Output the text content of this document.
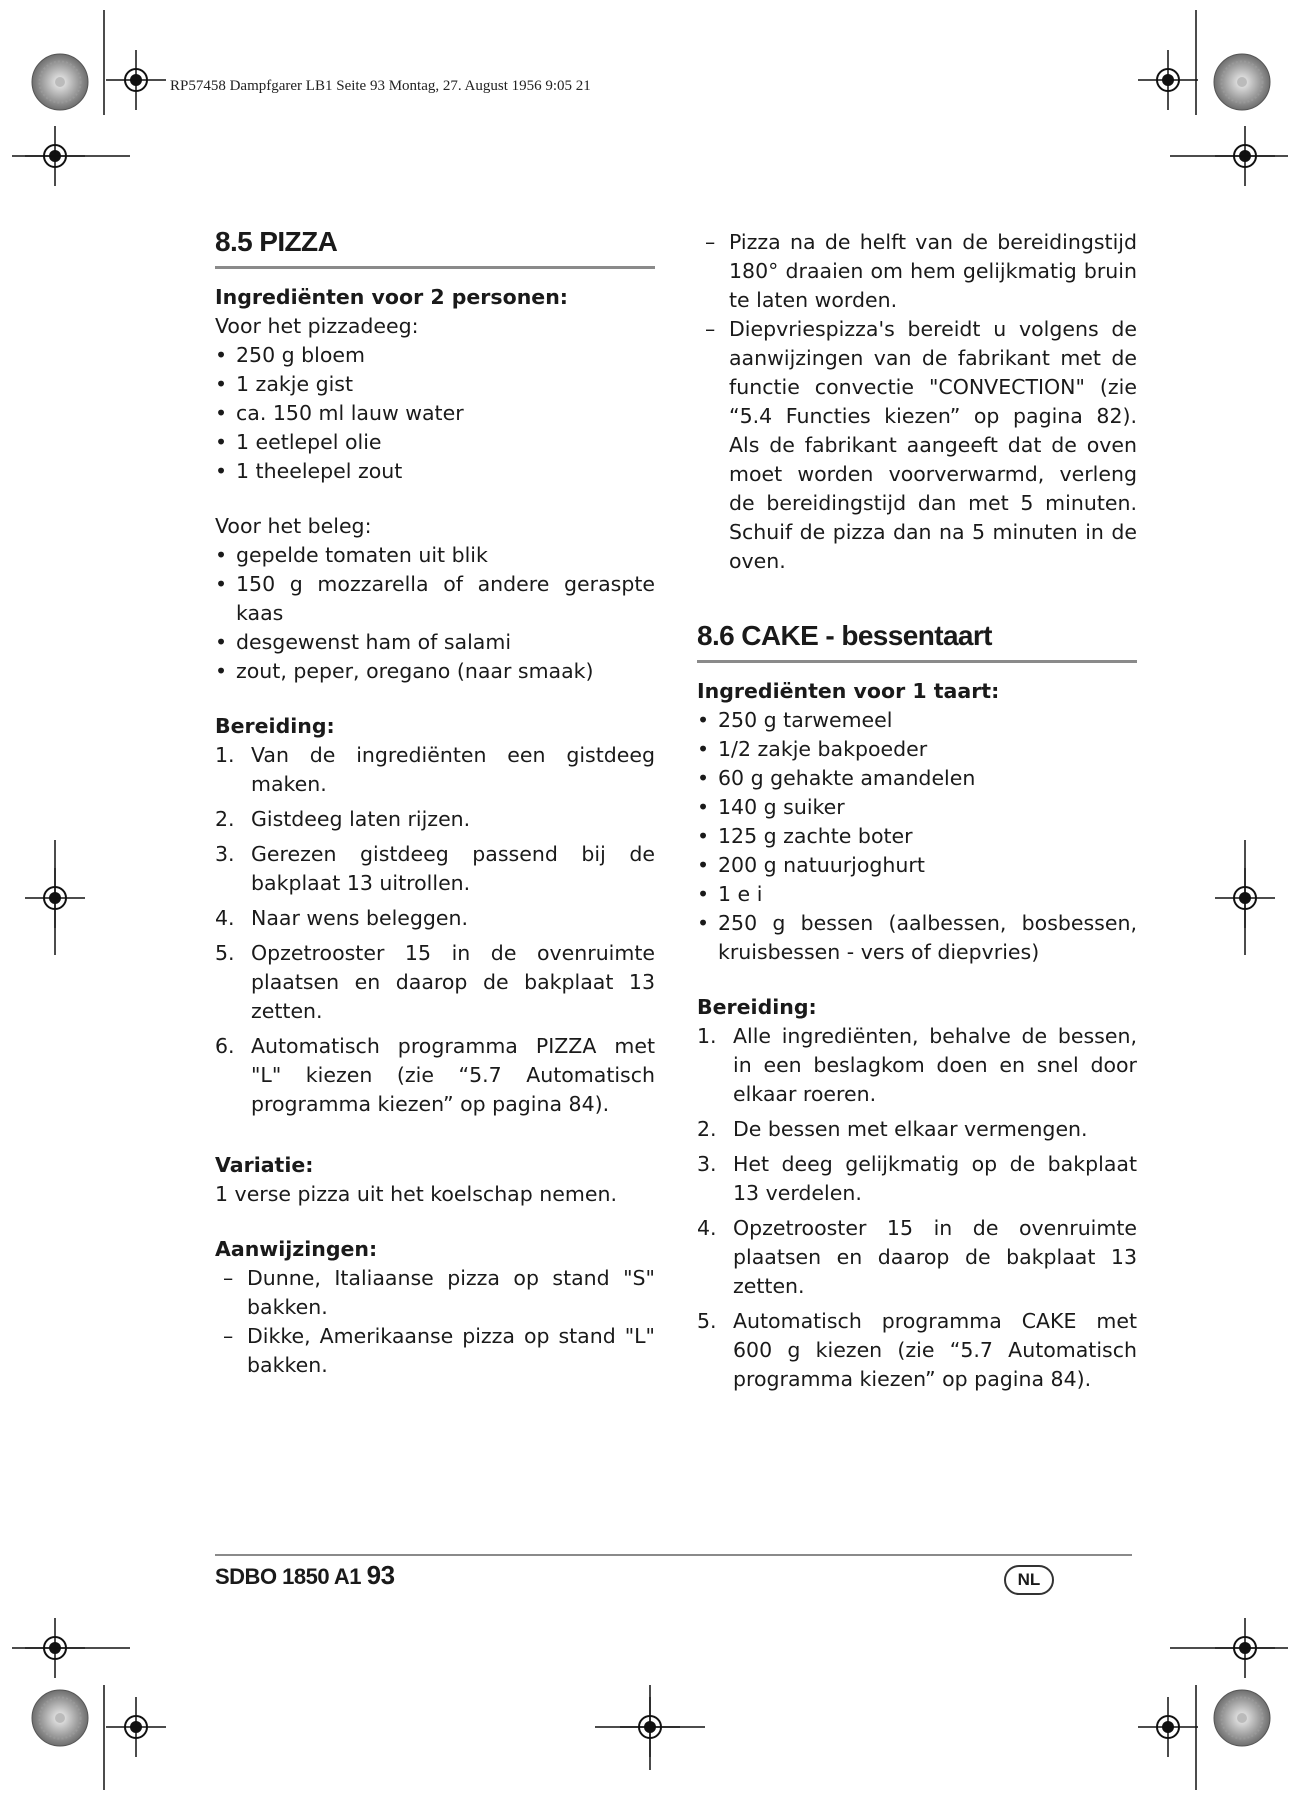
RP57458 Dampfgarer LB1 Seite 93 Montag, 27. August 1956 9:05 21

8.5 PIZZA
Ingrediënten voor 2 personen:

Voor het pizzadeeg:

• 250 g bloem
• 1 zakje gist
• ca. 150 ml lauw water
• 1 eetlepel olie
• 1 theelepel zout

Voor het beleg:

• gepelde tomaten uit blik
• 150 g mozzarella of andere geraspte kaas
• desgewenst ham of salami
• zout, peper, oregano (naar smaak)
Bereiding:
1. Van de ingrediënten een gistdeeg maken.
2. Gistdeeg laten rijzen.
3. Gerezen gistdeeg passend bij de bakplaat 13 uitrollen.
4. Naar wens beleggen.
5. Opzetrooster 15 in de ovenruimte plaatsen en daarop de bakplaat 13 zetten.
6. Automatisch programma PIZZA met "L" kiezen (zie “5.7 Automatisch programma kiezen” op pagina 84).
Variatie:

1 verse pizza uit het koelschap nemen.

Aanwijzingen:
– Dunne, Italiaanse pizza op stand "S" bakken.
– Dikke, Amerikaanse pizza op stand "L" bakken.
– Pizza na de helft van de bereidingstijd 180° draaien om hem gelijkmatig bruin te laten worden.
– Diepvriespizza's bereidt u volgens de aanwijzingen van de fabrikant met de functie convectie "CONVECTION" (zie “5.4 Functies kiezen” op pagina 82). Als de fabrikant aangeeft dat de oven moet worden voorverwarmd, verleng de bereidingstijd dan met 5 minuten. Schuif de pizza dan na 5 minuten in de oven.
8.6 CAKE - bessentaart
Ingrediënten voor 1 taart:
• 250 g tarwemeel
• 1/2 zakje bakpoeder
• 60 g gehakte amandelen
• 140 g suiker
• 125 g zachte boter
• 200 g natuurjoghurt
• 1 e i
• 250 g bessen (aalbessen, bosbessen, kruisbessen - vers of diepvries)
Bereiding:
1. Alle ingrediënten, behalve de bessen, in een beslagkom doen en snel door elkaar roeren.
2. De bessen met elkaar vermengen.
3. Het deeg gelijkmatig op de bakplaat 13 verdelen.
4. Opzetrooster 15 in de ovenruimte plaatsen en daarop de bakplaat 13 zetten.
5. Automatisch programma CAKE met 600 g kiezen (zie “5.7 Automatisch programma kiezen” op pagina 84).

SDBO 1850 A1 93	NL
